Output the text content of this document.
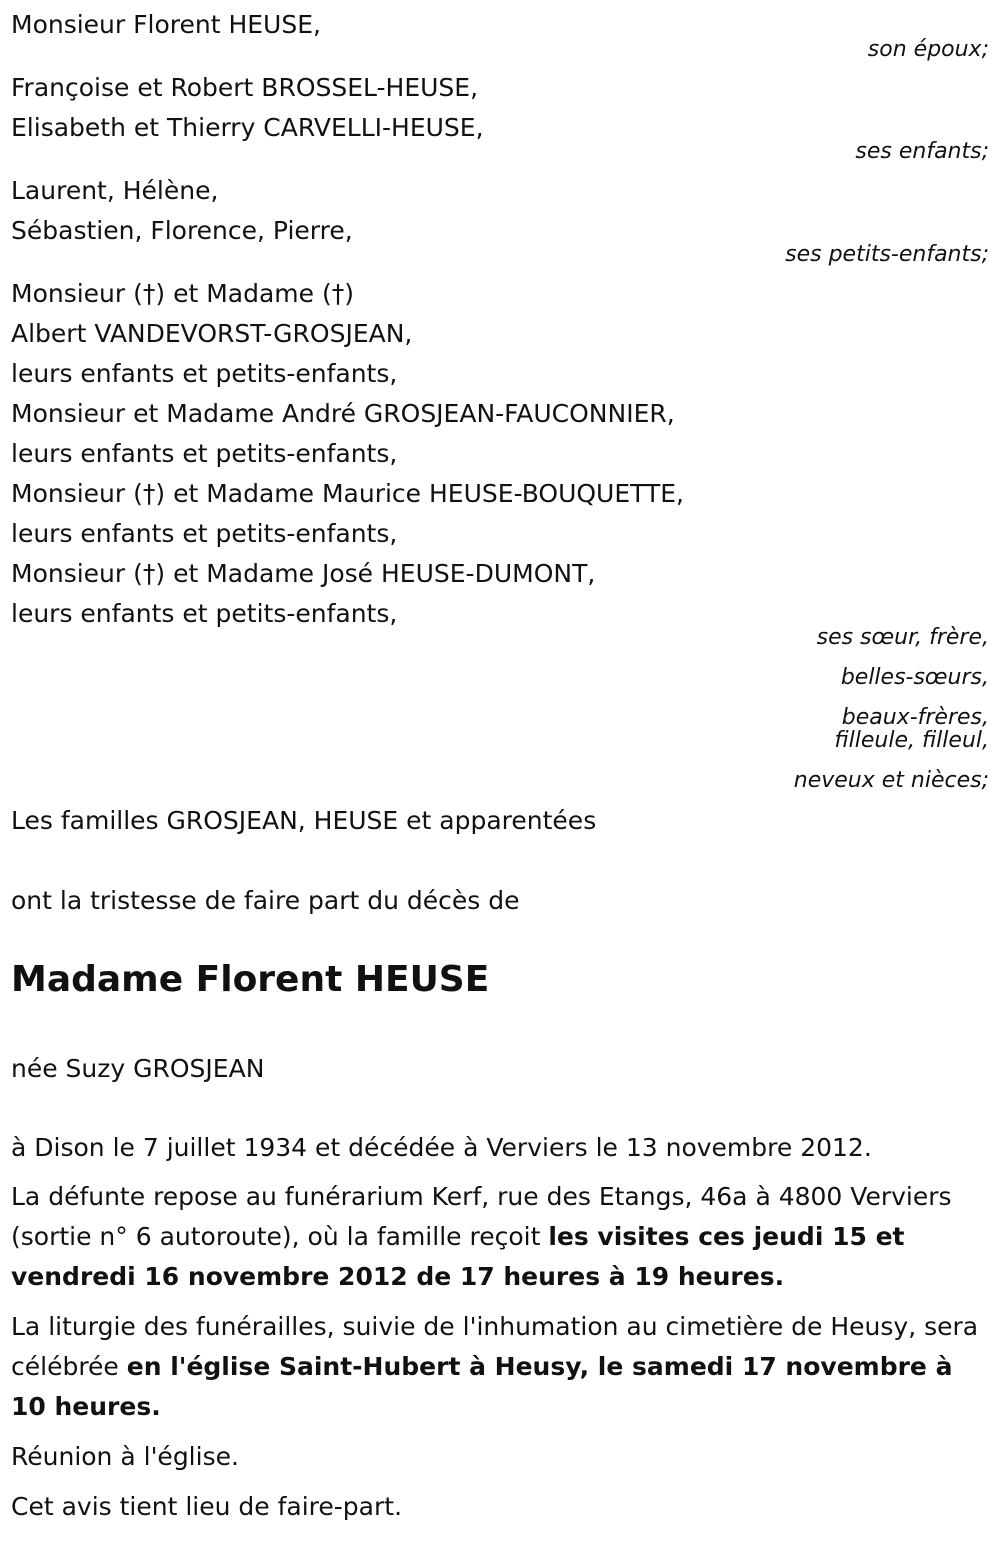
Monsieur Florent HEUSE,
son époux;
Françoise et Robert BROSSEL-HEUSE,
Elisabeth et Thierry CARVELLI-HEUSE,
ses enfants;
Laurent, Hélène,
Sébastien, Florence, Pierre,
ses petits-enfants;
Monsieur (†) et Madame (†)
Albert VANDEVORST-GROSJEAN,
leurs enfants et petits-enfants,
Monsieur et Madame André GROSJEAN-FAUCONNIER,
leurs enfants et petits-enfants,
Monsieur (†) et Madame Maurice HEUSE-BOUQUETTE,
leurs enfants et petits-enfants,
Monsieur (†) et Madame José HEUSE-DUMONT,
leurs enfants et petits-enfants,
ses sœur, frère,
belles-sœurs,
beaux-frères,
filleule, filleul,
neveux et nièces;
Les familles GROSJEAN, HEUSE et apparentées
ont la tristesse de faire part du décès de
Madame Florent HEUSE
née Suzy GROSJEAN
à Dison le 7 juillet 1934 et décédée à Verviers le 13 novembre 2012.
La défunte repose au funérarium Kerf, rue des Etangs, 46a à 4800 Verviers (sortie n° 6 autoroute), où la famille reçoit les visites ces jeudi 15 et vendredi 16 novembre 2012 de 17 heures à 19 heures.
La liturgie des funérailles, suivie de l'inhumation au cimetière de Heusy, sera célébrée en l'église Saint-Hubert à Heusy, le samedi 17 novembre à 10 heures.
Réunion à l'église.
Cet avis tient lieu de faire-part.
